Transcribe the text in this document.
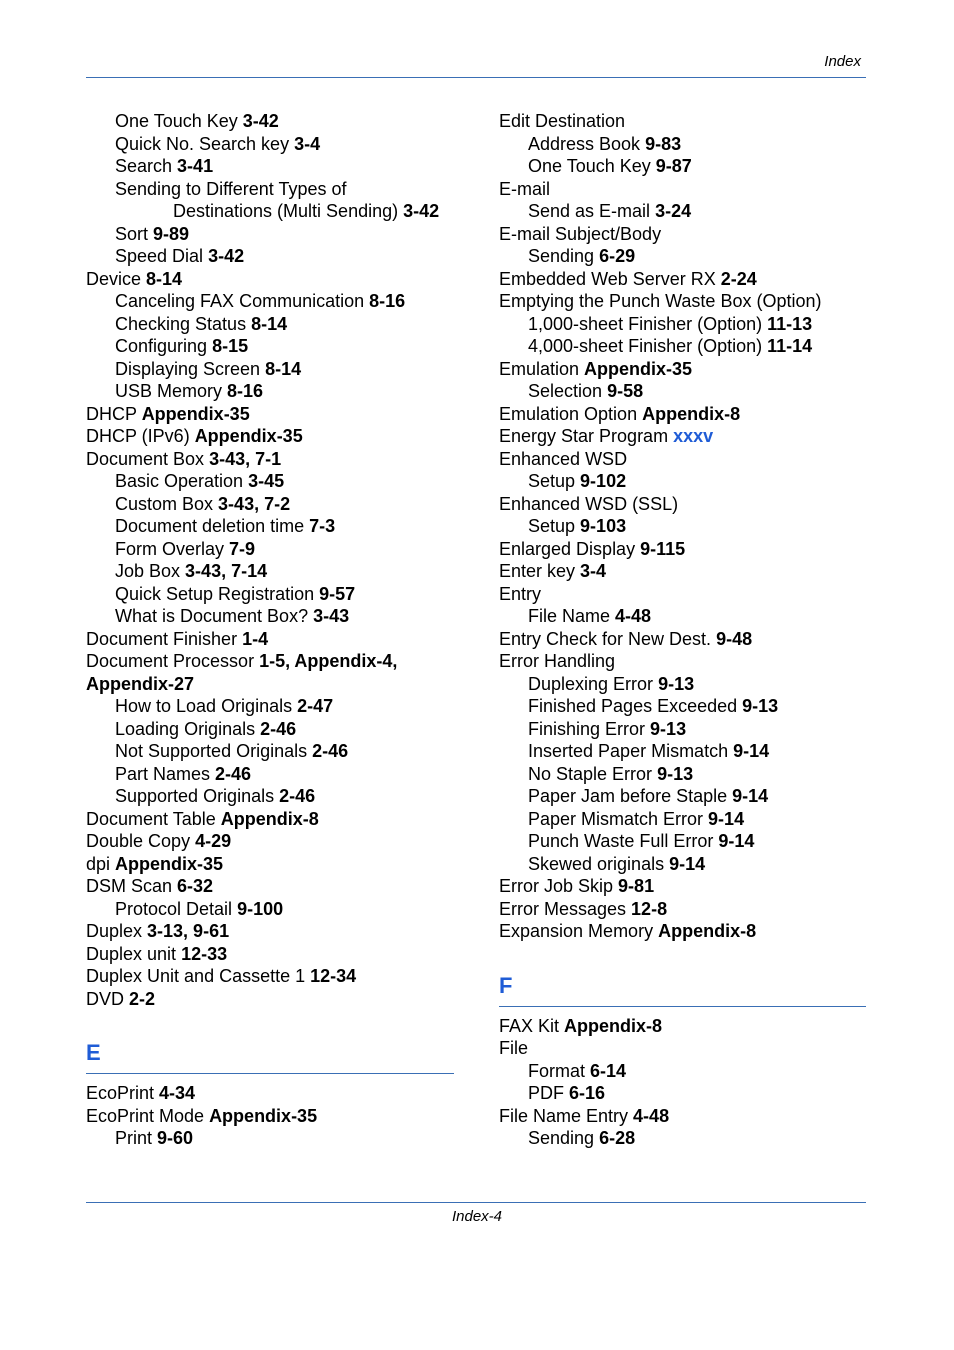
Index
One Touch Key 3-42
Quick No. Search key 3-4
Search 3-41
Sending to Different Types of
Destinations (Multi Sending) 3-42
Sort 9-89
Speed Dial 3-42
Device 8-14
Canceling FAX Communication 8-16
Checking Status 8-14
Configuring 8-15
Displaying Screen 8-14
USB Memory 8-16
DHCP Appendix-35
DHCP (IPv6) Appendix-35
Document Box 3-43, 7-1
Basic Operation 3-45
Custom Box 3-43, 7-2
Document deletion time 7-3
Form Overlay 7-9
Job Box 3-43, 7-14
Quick Setup Registration 9-57
What is Document Box? 3-43
Document Finisher 1-4
Document Processor 1-5, Appendix-4,
Appendix-27
How to Load Originals 2-47
Loading Originals 2-46
Not Supported Originals 2-46
Part Names 2-46
Supported Originals 2-46
Document Table Appendix-8
Double Copy 4-29
dpi Appendix-35
DSM Scan 6-32
Protocol Detail 9-100
Duplex 3-13, 9-61
Duplex unit 12-33
Duplex Unit and Cassette 1 12-34
DVD 2-2
E
EcoPrint 4-34
EcoPrint Mode Appendix-35
Print 9-60
Edit Destination
Address Book 9-83
One Touch Key 9-87
E-mail
Send as E-mail 3-24
E-mail Subject/Body
Sending 6-29
Embedded Web Server RX 2-24
Emptying the Punch Waste Box (Option)
1,000-sheet Finisher (Option) 11-13
4,000-sheet Finisher (Option) 11-14
Emulation Appendix-35
Selection 9-58
Emulation Option Appendix-8
Energy Star Program xxxv
Enhanced WSD
Setup 9-102
Enhanced WSD (SSL)
Setup 9-103
Enlarged Display 9-115
Enter key 3-4
Entry
File Name 4-48
Entry Check for New Dest. 9-48
Error Handling
Duplexing Error 9-13
Finished Pages Exceeded 9-13
Finishing Error 9-13
Inserted Paper Mismatch 9-14
No Staple Error 9-13
Paper Jam before Staple 9-14
Paper Mismatch Error 9-14
Punch Waste Full Error 9-14
Skewed originals 9-14
Error Job Skip 9-81
Error Messages 12-8
Expansion Memory Appendix-8
F
FAX Kit Appendix-8
File
Format 6-14
PDF 6-16
File Name Entry 4-48
Sending 6-28
Index-4
